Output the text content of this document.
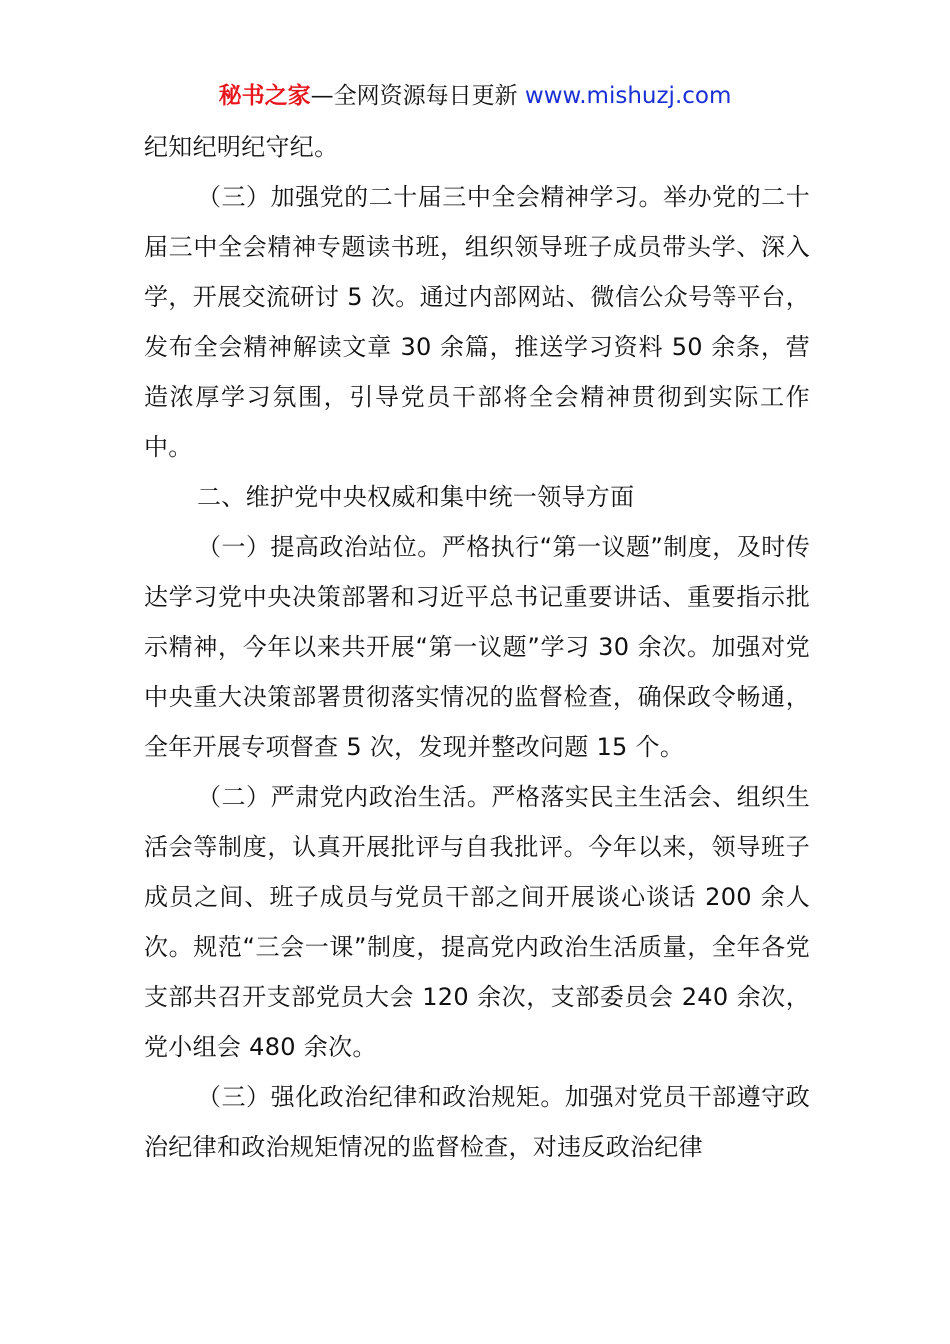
秘书之家—全网资源每日更新 www.mishuzj.com

纪知纪明纪守纪。

（三）加强党的二十届三中全会精神学习。举办党的二十届三中全会精神专题读书班，组织领导班子成员带头学、深入学，开展交流研讨 5 次。通过内部网站、微信公众号等平台，发布全会精神解读文章 30 余篇，推送学习资料 50 余条，营造浓厚学习氛围，引导党员干部将全会精神贯彻到实际工作中。

二、维护党中央权威和集中统一领导方面

（一）提高政治站位。严格执行“第一议题”制度，及时传达学习党中央决策部署和习近平总书记重要讲话、重要指示批示精神，今年以来共开展“第一议题”学习 30 余次。加强对党中央重大决策部署贯彻落实情况的监督检查，确保政令畅通，全年开展专项督查 5 次，发现并整改问题 15 个。

（二）严肃党内政治生活。严格落实民主生活会、组织生活会等制度，认真开展批评与自我批评。今年以来，领导班子成员之间、班子成员与党员干部之间开展谈心谈话 200 余人次。规范“三会一课”制度，提高党内政治生活质量，全年各党支部共召开支部党员大会 120 余次，支部委员会 240 余次，党小组会 480 余次。

（三）强化政治纪律和政治规矩。加强对党员干部遵守政治纪律和政治规矩情况的监督检查，对违反政治纪律
